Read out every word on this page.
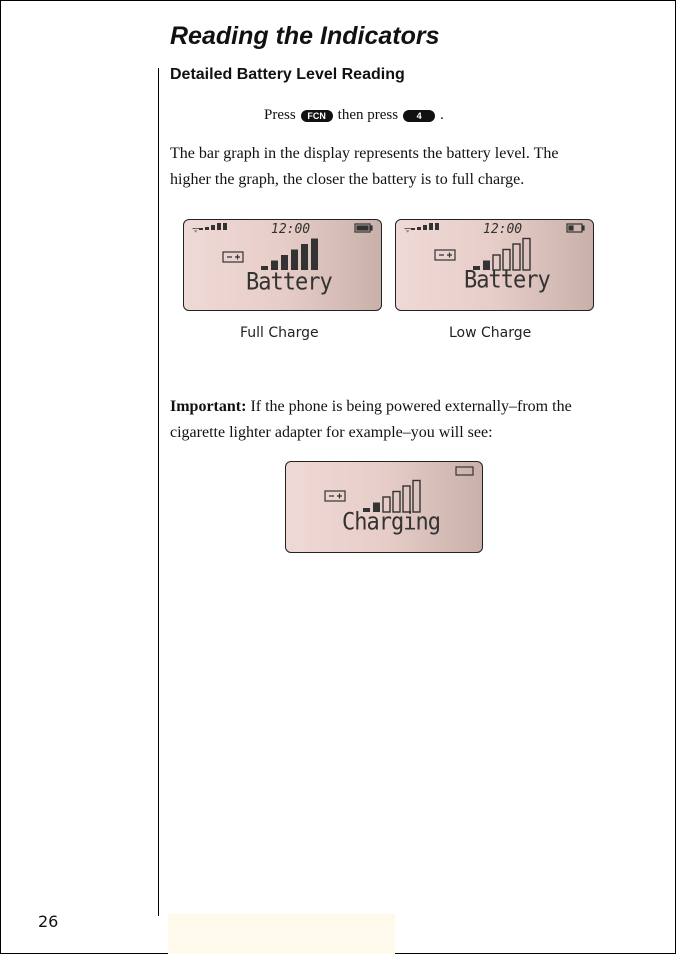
Reading the Indicators
Detailed Battery Level Reading
Press	FCN then press	4	.

The bar graph in the display represents the battery level. The higher the graph, the closer the battery is to full charge.

ᯤ	12:00
Battery
ᯤ	12:00
Battery
Full Charge	Low Charge

Important: If the phone is being powered externally–from the cigarette lighter adapter for example–you will see:

Charging
26
